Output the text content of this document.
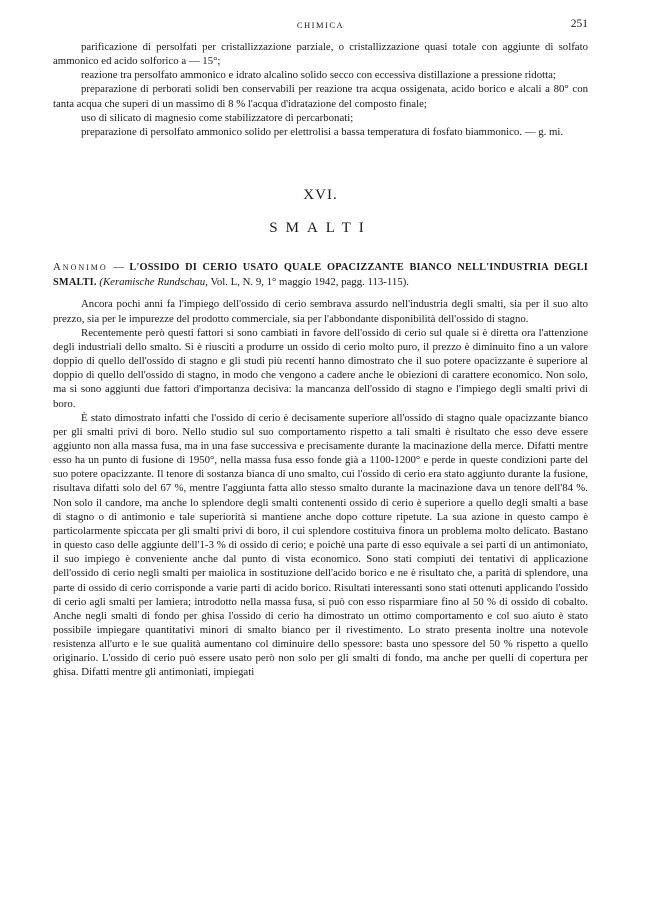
CHIMICA	251

parificazione di persolfati per cristallizzazione parziale, o cristallizzazione quasi totale con aggiunte di solfato ammonico ed acido solforico a — 15°;

reazione tra persolfato ammonico e idrato alcalino solido secco con eccessiva distillazione a pressione ridotta;

preparazione di perborati solidi ben conservabili per reazione tra acqua ossigenata, acido borico e alcali a 80° con tanta acqua che superi di un massimo di 8 % l'acqua d'idratazione del composto finale;

uso di silicato di magnesio come stabilizzatore di percarbonati;

preparazione di persolfato ammonico solido per elettrolisi a bassa temperatura di fosfato biammonico. — g. mi.

XVI.
SMALTI
Anonimo — L'OSSIDO DI CERIO USATO QUALE OPACIZZANTE BIANCO NELL'INDUSTRIA DEGLI SMALTI. (Keramische Rundschau, Vol. L, N. 9, 1° maggio 1942, pagg. 113-115).

Ancora pochi anni fa l'impiego dell'ossido di cerio sembrava assurdo nell'industria degli smalti, sia per il suo alto prezzo, sia per le impurezze del prodotto commerciale, sia per l'abbondante disponibilità dell'ossido di stagno.

Recentemente però questi fattori si sono cambiati in favore dell'ossido di cerio sul quale si è diretta ora l'attenzione degli industriali dello smalto. Si è riusciti a produrre un ossido di cerio molto puro, il prezzo è diminuito fino a un valore doppio di quello dell'ossido di stagno e gli studi più recenti hanno dimostrato che il suo potere opacizzante è superiore al doppio di quello dell'ossido di stagno, in modo che vengono a cadere anche le obiezioni di carattere economico. Non solo, ma si sono aggiunti due fattori d'importanza decisiva: la mancanza dell'ossido di stagno e l'impiego degli smalti privi di boro.

È stato dimostrato infatti che l'ossido di cerio è decisamente superiore all'ossido di stagno quale opacizzante bianco per gli smalti privi di boro. Nello studio sul suo comportamento rispetto a tali smalti è risultato che esso deve essere aggiunto non alla massa fusa, ma in una fase successiva e precisamente durante la macinazione della merce. Difatti mentre esso ha un punto di fusione di 1950°, nella massa fusa esso fonde già a 1100-1200° e perde in queste condizioni parte del suo potere opacizzante. Il tenore di sostanza bianca di uno smalto, cui l'ossido di cerio era stato aggiunto durante la fusione, risultava difatti solo del 67 %, mentre l'aggiunta fatta allo stesso smalto durante la macinazione dava un tenore dell'84 %. Non solo il candore, ma anche lo splendore degli smalti contenenti ossido di cerio è superiore a quello degli smalti a base di stagno o di antimonio e tale superiorità si mantiene anche dopo cotture ripetute. La sua azione in questo campo è particolarmente spiccata per gli smalti privi di boro, il cui splendore costituiva finora un problema molto delicato. Bastano in questo caso delle aggiunte dell'1-3 % di ossido di cerio; e poichè una parte di esso equivale a sei parti di un antimoniato, il suo impiego è conveniente anche dal punto di vista economico. Sono stati compiuti dei tentativi di applicazione dell'ossido di cerio negli smalti per maiolica in sostituzione dell'acido borico e ne è risultato che, a parità di splendore, una parte di ossido di cerio corrisponde a varie parti di acido borico. Risultati interessanti sono stati ottenuti applicando l'ossido di cerio agli smalti per lamiera; introdotto nella massa fusa, si può con esso risparmiare fino al 50 % di ossido di cobalto. Anche negli smalti di fondo per ghisa l'ossido di cerio ha dimostrato un ottimo comportamento e col suo aiuto è stato possibile impiegare quantitativi minori di smalto bianco per il rivestimento. Lo strato presenta inoltre una notevole resistenza all'urto e le sue qualità aumentano col diminuire dello spessore: basta uno spessore del 50 % rispetto a quello originario. L'ossido di cerio può essere usato però non solo per gli smalti di fondo, ma anche per quelli di copertura per ghisa. Difatti mentre gli antimoniati, impiegati
